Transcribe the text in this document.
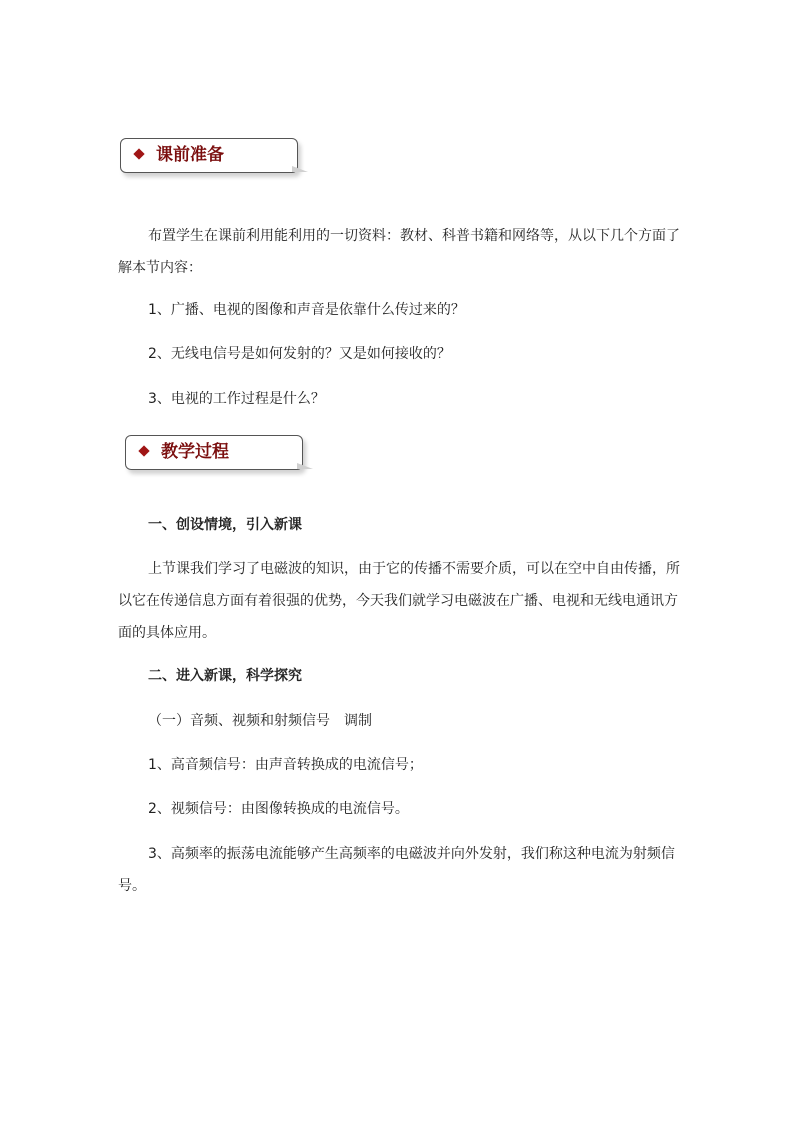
课前准备

布置学生在课前利用能利用的一切资料：教材、科普书籍和网络等，从以下几个方面了解本节内容：

1、广播、电视的图像和声音是依靠什么传过来的？

2、无线电信号是如何发射的？又是如何接收的？

3、电视的工作过程是什么？

教学过程

一、创设情境，引入新课

上节课我们学习了电磁波的知识，由于它的传播不需要介质，可以在空中自由传播，所以它在传递信息方面有着很强的优势，今天我们就学习电磁波在广播、电视和无线电通讯方面的具体应用。

二、进入新课，科学探究

（一）音频、视频和射频信号　调制

1、高音频信号：由声音转换成的电流信号；

2、视频信号：由图像转换成的电流信号。

3、高频率的振荡电流能够产生高频率的电磁波并向外发射，我们称这种电流为射频信号。
